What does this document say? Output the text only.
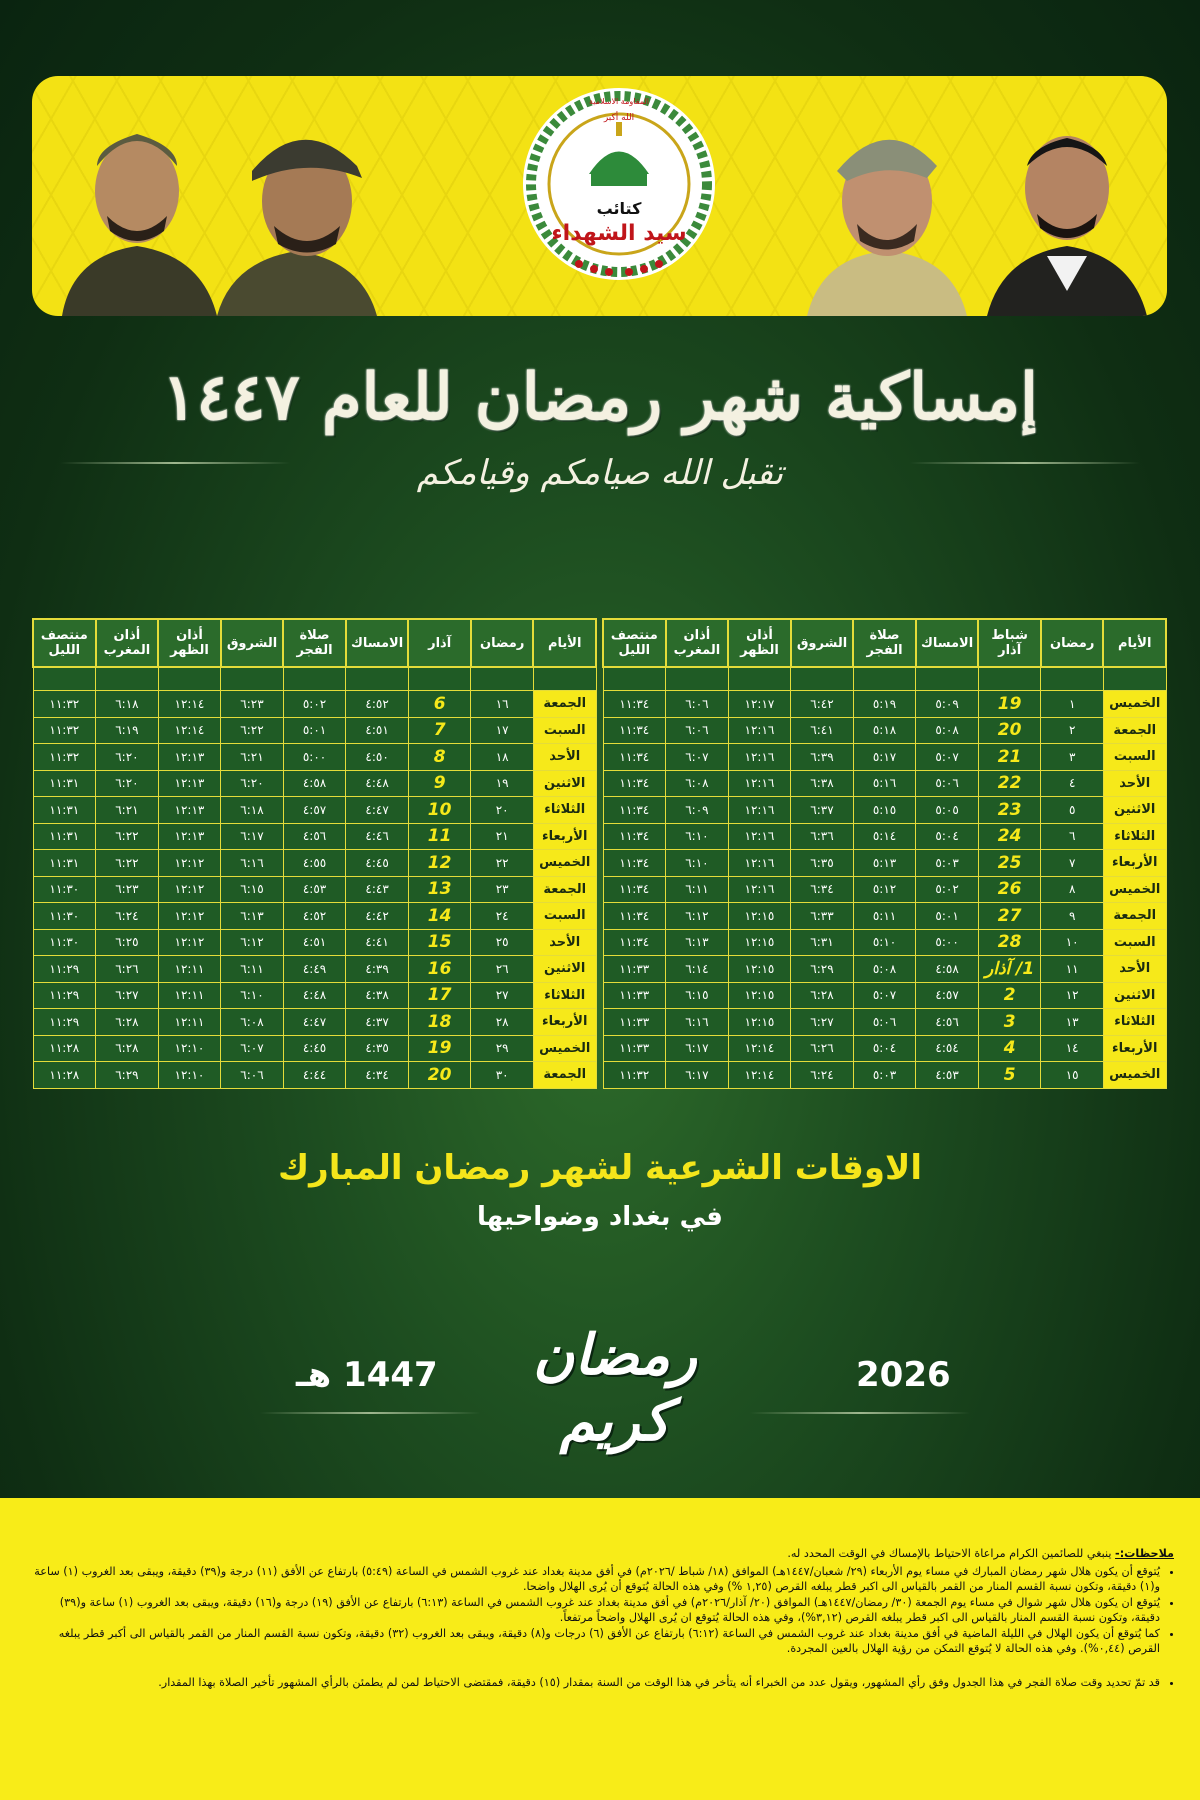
الله أكبر
المقاومة الاسلامية
كتائب
سيد الشهداء
إمساكية شهر رمضان للعام ١٤٤٧
تقبل الله صيامكم وقيامكم
الأيام	رمضان	شباط آذار	الامساك	صلاة الفجر	الشروق	أذان الظهر	أذان المغرب	منتصف الليل

الخميس	١	19	٥:٠٩	٥:١٩	٦:٤٢	١٢:١٧	٦:٠٦	١١:٣٤
الجمعة	٢	20	٥:٠٨	٥:١٨	٦:٤١	١٢:١٦	٦:٠٦	١١:٣٤
السبت	٣	21	٥:٠٧	٥:١٧	٦:٣٩	١٢:١٦	٦:٠٧	١١:٣٤
الأحد	٤	22	٥:٠٦	٥:١٦	٦:٣٨	١٢:١٦	٦:٠٨	١١:٣٤
الاثنين	٥	23	٥:٠٥	٥:١٥	٦:٣٧	١٢:١٦	٦:٠٩	١١:٣٤
الثلاثاء	٦	24	٥:٠٤	٥:١٤	٦:٣٦	١٢:١٦	٦:١٠	١١:٣٤
الأربعاء	٧	25	٥:٠٣	٥:١٣	٦:٣٥	١٢:١٦	٦:١٠	١١:٣٤
الخميس	٨	26	٥:٠٢	٥:١٢	٦:٣٤	١٢:١٦	٦:١١	١١:٣٤
الجمعة	٩	27	٥:٠١	٥:١١	٦:٣٣	١٢:١٥	٦:١٢	١١:٣٤
السبت	١٠	28	٥:٠٠	٥:١٠	٦:٣١	١٢:١٥	٦:١٣	١١:٣٤
الأحد	١١	1/ آذار	٤:٥٨	٥:٠٨	٦:٢٩	١٢:١٥	٦:١٤	١١:٣٣
الاثنين	١٢	2	٤:٥٧	٥:٠٧	٦:٢٨	١٢:١٥	٦:١٥	١١:٣٣
الثلاثاء	١٣	3	٤:٥٦	٥:٠٦	٦:٢٧	١٢:١٥	٦:١٦	١١:٣٣
الأربعاء	١٤	4	٤:٥٤	٥:٠٤	٦:٢٦	١٢:١٤	٦:١٧	١١:٣٣
الخميس	١٥	5	٤:٥٣	٥:٠٣	٦:٢٤	١٢:١٤	٦:١٧	١١:٣٢
الأيام	رمضان	آذار	الامساك	صلاة الفجر	الشروق	أذان الظهر	أذان المغرب	منتصف الليل

الجمعة	١٦	6	٤:٥٢	٥:٠٢	٦:٢٣	١٢:١٤	٦:١٨	١١:٣٢
السبت	١٧	7	٤:٥١	٥:٠١	٦:٢٢	١٢:١٤	٦:١٩	١١:٣٢
الأحد	١٨	8	٤:٥٠	٥:٠٠	٦:٢١	١٢:١٣	٦:٢٠	١١:٣٢
الاثنين	١٩	9	٤:٤٨	٤:٥٨	٦:٢٠	١٢:١٣	٦:٢٠	١١:٣١
الثلاثاء	٢٠	10	٤:٤٧	٤:٥٧	٦:١٨	١٢:١٣	٦:٢١	١١:٣١
الأربعاء	٢١	11	٤:٤٦	٤:٥٦	٦:١٧	١٢:١٣	٦:٢٢	١١:٣١
الخميس	٢٢	12	٤:٤٥	٤:٥٥	٦:١٦	١٢:١٢	٦:٢٢	١١:٣١
الجمعة	٢٣	13	٤:٤٣	٤:٥٣	٦:١٥	١٢:١٢	٦:٢٣	١١:٣٠
السبت	٢٤	14	٤:٤٢	٤:٥٢	٦:١٣	١٢:١٢	٦:٢٤	١١:٣٠
الأحد	٢٥	15	٤:٤١	٤:٥١	٦:١٢	١٢:١٢	٦:٢٥	١١:٣٠
الاثنين	٢٦	16	٤:٣٩	٤:٤٩	٦:١١	١٢:١١	٦:٢٦	١١:٢٩
الثلاثاء	٢٧	17	٤:٣٨	٤:٤٨	٦:١٠	١٢:١١	٦:٢٧	١١:٢٩
الأربعاء	٢٨	18	٤:٣٧	٤:٤٧	٦:٠٨	١٢:١١	٦:٢٨	١١:٢٩
الخميس	٢٩	19	٤:٣٥	٤:٤٥	٦:٠٧	١٢:١٠	٦:٢٨	١١:٢٨
الجمعة	٣٠	20	٤:٣٤	٤:٤٤	٦:٠٦	١٢:١٠	٦:٢٩	١١:٢٨
الاوقات الشرعية لشهر رمضان المبارك
في بغداد وضواحيها
1447 هـ	رمضان كريم
2026
ملاحظات:- ينبغي للصائمين الكرام مراعاة الاحتياط بالإمساك في الوقت المحدد له.
• يُتوقع أن يكون هلال شهر رمضان المبارك في مساء يوم الأربعاء (٢٩/ شعبان/١٤٤٧هـ) الموافق (١٨/ شباط /٢٠٢٦م) في أفق مدينة بغداد عند غروب الشمس في الساعة (٥:٤٩) بارتفاع عن الأفق (١١) درجة و(٣٩) دقيقة، ويبقى بعد الغروب (١) ساعة و(١) دقيقة، وتكون نسبة القسم المنار من القمر بالقياس الى اكبر قطر يبلغه القرص (١,٢٥ %) وفي هذه الحالة يُتوقع أن يُرى الهلال واضحا.
• يُتوقع ان يكون هلال شهر شوال في مساء يوم الجمعة (٣٠/ رمضان/١٤٤٧هـ) الموافق (٢٠/ آذار/٢٠٢٦م) في أفق مدينة بغداد عند غروب الشمس في الساعة (٦:١٣) بارتفاع عن الأفق (١٩) درجة و(١٦) دقيقة، ويبقى بعد الغروب (١) ساعة و(٣٩) دقيقة، وتكون نسبة القسم المنار بالقياس الى اكبر قطر يبلغه القرص (٣,١٢%)، وفي هذه الحالة يُتوقع ان يُرى الهلال واضحاً مرتفعاً.
• كما يُتوقع أن يكون الهلال في الليلة الماضية في أفق مدينة بغداد عند غروب الشمس في الساعة (٦:١٢) بارتفاع عن الأفق (٦) درجات و(٨) دقيقة، ويبقى بعد الغروب (٣٢) دقيقة، وتكون نسبة القسم المنار من القمر بالقياس الى أكبر قطر يبلغه القرص (٠,٤٤%). وفي هذه الحالة لا يُتوقع التمكن من رؤية الهلال بالعين المجردة.
• قد تمّ تحديد وقت صلاة الفجر في هذا الجدول وفق رأي المشهور، ويقول عدد من الخبراء أنه يتأخر في هذا الوقت من السنة بمقدار (١٥) دقيقة، فمقتضى الاحتياط لمن لم يطمئن بالرأي المشهور تأخير الصلاة بهذا المقدار.
